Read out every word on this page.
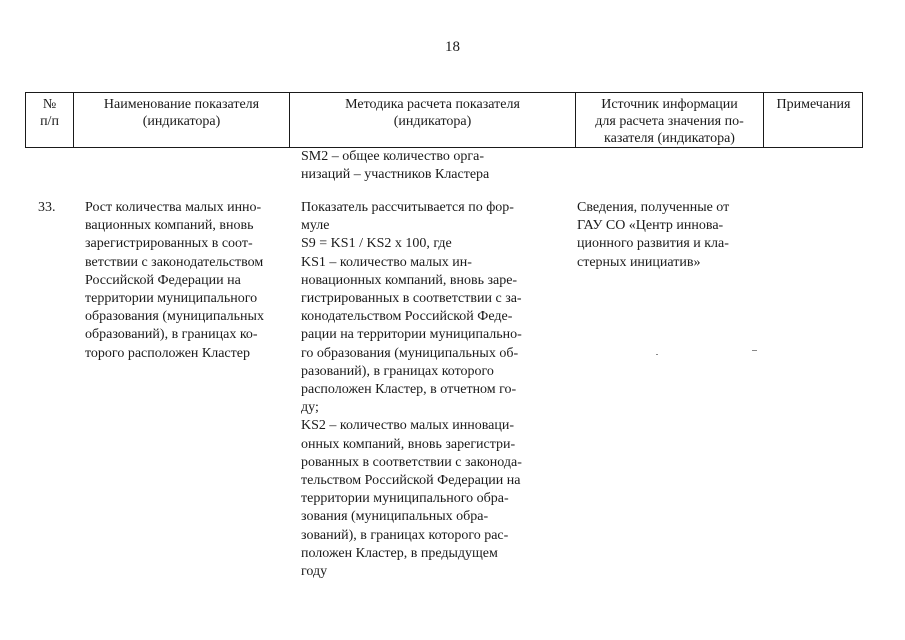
18
№
п/п
Наименование показателя
(индикатора)
Методика расчета показателя
(индикатора)
Источник информации
для расчета значения по-
казателя (индикатора)
Примечания
SM2 – общее количество орга-
низаций – участников Кластера
33. Рост количества малых инно-
вационных компаний, вновь
зарегистрированных в соот-
ветствии с законодательством
Российской Федерации на
территории муниципального
образования (муниципальных
образований), в границах ко-
торого расположен Кластер
Показатель рассчитывается по фор-
муле
S9 = KS1 / KS2 x 100, где
KS1 – количество малых ин-
новационных компаний, вновь заре-
гистрированных в соответствии с за-
конодательством Российской Феде-
рации на территории муниципально-
го образования (муниципальных об-
разований), в границах которого
расположен Кластер, в отчетном го-
ду;
KS2 – количество малых инноваци-
онных компаний, вновь зарегистри-
рованных в соответствии с законода-
тельством Российской Федерации на
территории муниципального обра-
зования (муниципальных обра-
зований), в границах которого рас-
положен Кластер, в предыдущем
году
Сведения, полученные от
ГАУ СО «Центр иннова-
ционного развития и кла-
стерных инициатив»
